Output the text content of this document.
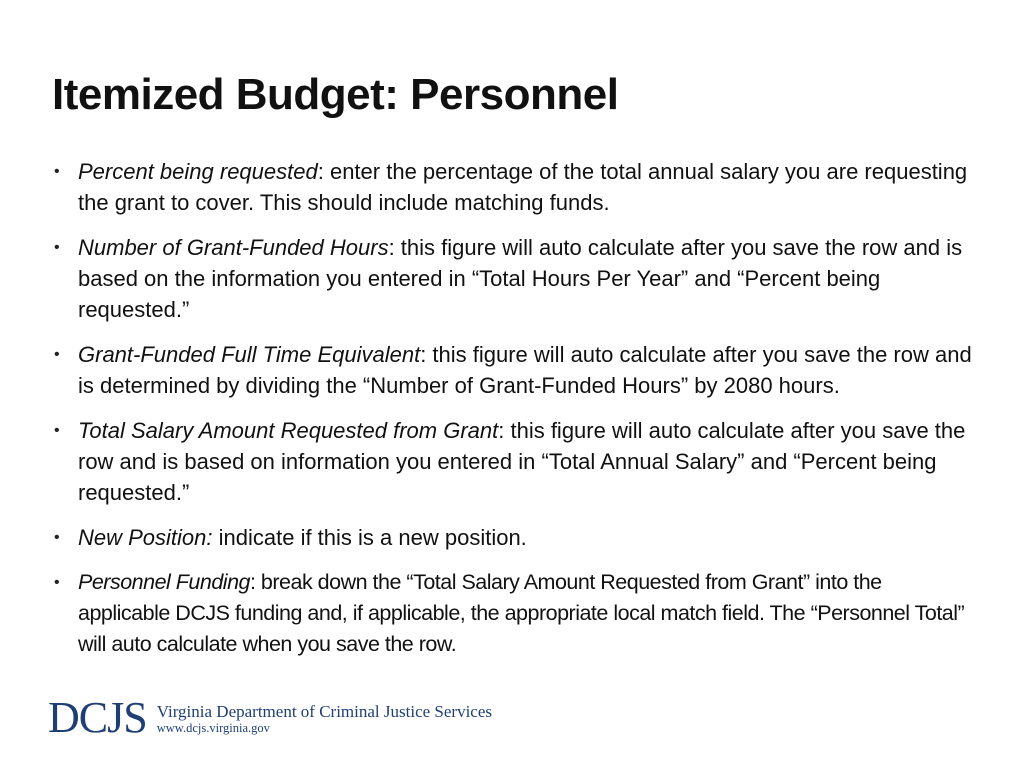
Itemized Budget: Personnel
• Percent being requested: enter the percentage of the total annual salary you are requesting the grant to cover. This should include matching funds.
• Number of Grant-Funded Hours: this figure will auto calculate after you save the row and is based on the information you entered in “Total Hours Per Year” and “Percent being requested.”
• Grant-Funded Full Time Equivalent: this figure will auto calculate after you save the row and is determined by dividing the “Number of Grant-Funded Hours” by 2080 hours.
• Total Salary Amount Requested from Grant: this figure will auto calculate after you save the row and is based on information you entered in “Total Annual Salary” and “Percent being requested.”
• New Position: indicate if this is a new position.
• Personnel Funding: break down the “Total Salary Amount Requested from Grant” into the applicable DCJS funding and, if applicable, the appropriate local match field. The “Personnel Total” will auto calculate when you save the row.
DCJS Virginia Department of Criminal Justice Services
www.dcjs.virginia.gov
